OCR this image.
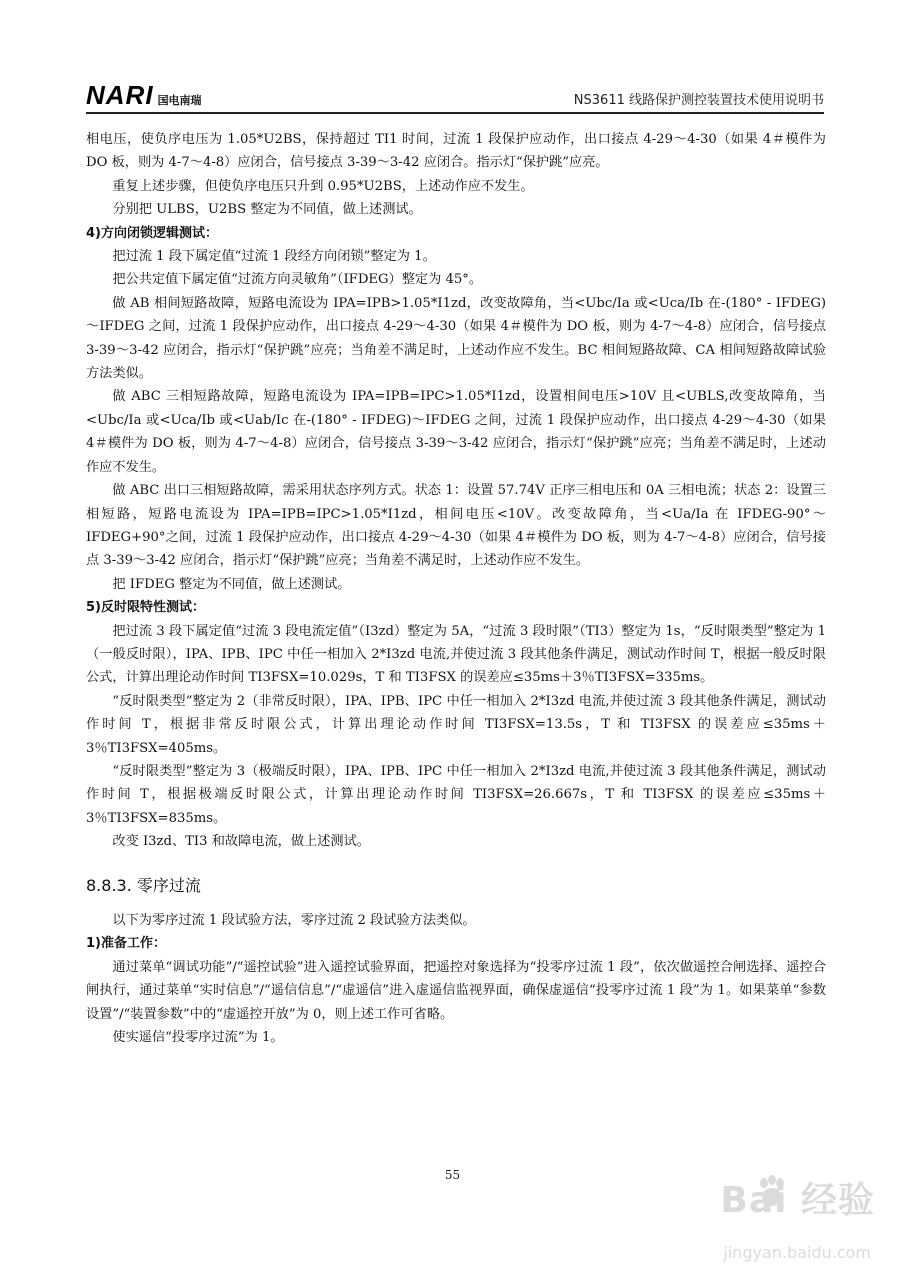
NARI 国电南瑞	NS3611 线路保护测控装置技术使用说明书

相电压，使负序电压为 1.05*U2BS，保持超过 TI1 时间，过流 1 段保护应动作，出口接点 4-29～4-30（如果 4＃模件为 DO 板，则为 4-7～4-8）应闭合，信号接点 3-39～3-42 应闭合。指示灯“保护跳”应亮。

重复上述步骤，但使负序电压只升到 0.95*U2BS，上述动作应不发生。

分别把 ULBS，U2BS 整定为不同值，做上述测试。

4)方向闭锁逻辑测试：

把过流 1 段下属定值“过流 1 段经方向闭锁”整定为 1。

把公共定值下属定值“过流方向灵敏角”（IFDEG）整定为 45°。

做 AB 相间短路故障，短路电流设为 IPA=IPB>1.05*I1zd，改变故障角，当<Ubc/Ia 或<Uca/Ib 在-(180° - IFDEG)～IFDEG 之间，过流 1 段保护应动作，出口接点 4-29～4-30（如果 4＃模件为 DO 板，则为 4-7～4-8）应闭合，信号接点 3-39～3-42 应闭合，指示灯“保护跳”应亮；当角差不满足时，上述动作应不发生。BC 相间短路故障、CA 相间短路故障试验方法类似。

做 ABC 三相短路故障，短路电流设为 IPA=IPB=IPC>1.05*I1zd，设置相间电压>10V 且<UBLS,改变故障角，当<Ubc/Ia 或<Uca/Ib 或<Uab/Ic 在-(180° - IFDEG)～IFDEG 之间，过流 1 段保护应动作，出口接点 4-29～4-30（如果 4＃模件为 DO 板，则为 4-7～4-8）应闭合，信号接点 3-39～3-42 应闭合，指示灯“保护跳”应亮；当角差不满足时，上述动作应不发生。

做 ABC 出口三相短路故障，需采用状态序列方式。状态 1：设置 57.74V 正序三相电压和 0A 三相电流；状态 2：设置三相短路，短路电流设为 IPA=IPB=IPC>1.05*I1zd，相间电压<10V。改变故障角，当<Ua/Ia 在 IFDEG-90°～IFDEG+90°之间，过流 1 段保护应动作，出口接点 4-29～4-30（如果 4＃模件为 DO 板，则为 4-7～4-8）应闭合，信号接点 3-39～3-42 应闭合，指示灯“保护跳”应亮；当角差不满足时，上述动作应不发生。

把 IFDEG 整定为不同值，做上述测试。

5)反时限特性测试：

把过流 3 段下属定值“过流 3 段电流定值”（I3zd）整定为 5A，“过流 3 段时限”（TI3）整定为 1s，“反时限类型”整定为 1（一般反时限），IPA、IPB、IPC 中任一相加入 2*I3zd 电流,并使过流 3 段其他条件满足，测试动作时间 T，根据一般反时限公式，计算出理论动作时间 TI3FSX=10.029s，T 和 TI3FSX 的误差应≤35ms＋3％TI3FSX=335ms。

“反时限类型”整定为 2（非常反时限），IPA、IPB、IPC 中任一相加入 2*I3zd 电流,并使过流 3 段其他条件满足，测试动作时间 T，根据非常反时限公式，计算出理论动作时间 TI3FSX=13.5s，T 和 TI3FSX 的误差应≤35ms＋3％TI3FSX=405ms。

“反时限类型”整定为 3（极端反时限），IPA、IPB、IPC 中任一相加入 2*I3zd 电流,并使过流 3 段其他条件满足，测试动作时间 T，根据极端反时限公式，计算出理论动作时间 TI3FSX=26.667s，T 和 TI3FSX 的误差应≤35ms＋3％TI3FSX=835ms。

改变 I3zd、TI3 和故障电流，做上述测试。

8.8.3. 零序过流

以下为零序过流 1 段试验方法，零序过流 2 段试验方法类似。

1)准备工作：

通过菜单“调试功能”/“遥控试验”进入遥控试验界面，把遥控对象选择为“投零序过流 1 段”，依次做遥控合闸选择、遥控合闸执行，通过菜单“实时信息”/“遥信信息”/“虚遥信”进入虚遥信监视界面，确保虚遥信“投零序过流 1 段”为 1。如果菜单“参数设置”/“装置参数”中的“虚遥控开放”为 0，则上述工作可省略。

使实遥信“投零序过流”为 1。

55
Bai 经验
jingyan.baidu.com
